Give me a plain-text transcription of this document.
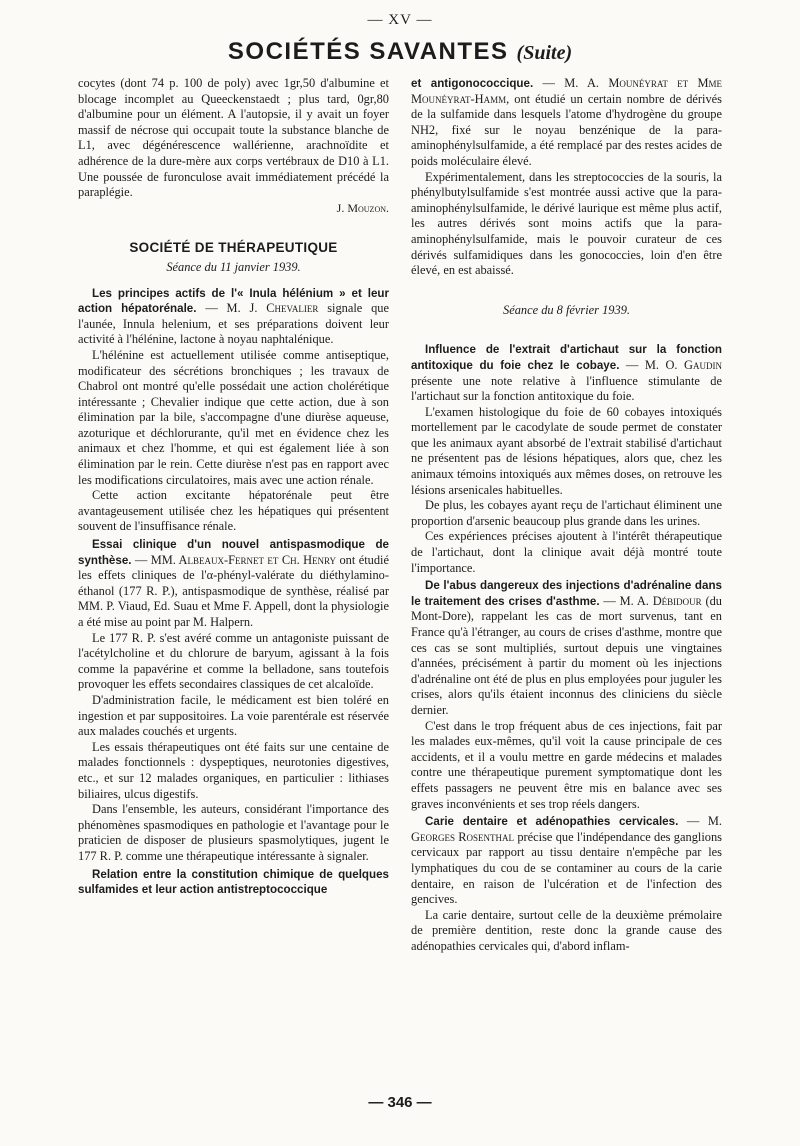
— XV —
SOCIÉTÉS SAVANTES (Suite)

cocytes (dont 74 p. 100 de poly) avec 1gr,50 d'albumine et blocage incomplet au Queeckenstaedt ; plus tard, 0gr,80 d'albumine pour un élément. A l'autopsie, il y avait un foyer massif de nécrose qui occupait toute la substance blanche de L1, avec dégénérescence wallérienne, arachnoïdite et adhérence de la dure-mère aux corps vertébraux de D10 à L1. Une poussée de furonculose avait immédiatement précédé la paraplégie.

J. Mouzon.

SOCIÉTÉ DE THÉRAPEUTIQUE
Séance du 11 janvier 1939.

Les principes actifs de l'« Inula hélénium » et leur action hépatorénale. — M. J. Chevalier signale que l'aunée, Innula helenium, et ses préparations doivent leur activité à l'hélénine, lactone à noyau naphtalénique.

L'hélénine est actuellement utilisée comme antiseptique, modificateur des sécrétions bronchiques ; les travaux de Chabrol ont montré qu'elle possédait une action cholérétique intéressante ; Chevalier indique que cette action, due à son élimination par la bile, s'accompagne d'une diurèse aqueuse, azoturique et déchlorurante, qu'il met en évidence chez les animaux et chez l'homme, et qui est également liée à son élimination par le rein. Cette diurèse n'est pas en rapport avec les modifications circulatoires, mais avec une action rénale.

Cette action excitante hépatorénale peut être avantageusement utilisée chez les hépatiques qui présentent souvent de l'insuffisance rénale.

Essai clinique d'un nouvel antispasmodique de synthèse. — MM. Albeaux-Fernet et Ch. Henry ont étudié les effets cliniques de l'α-phényl-valérate du diéthylamino-éthanol (177 R. P.), antispasmodique de synthèse, réalisé par MM. P. Viaud, Ed. Suau et Mme F. Appell, dont la physiologie a été mise au point par M. Halpern.

Le 177 R. P. s'est avéré comme un antagoniste puissant de l'acétylcholine et du chlorure de baryum, agissant à la fois comme la papavérine et comme la belladone, sans toutefois provoquer les effets secondaires classiques de cet alcaloïde.

D'administration facile, le médicament est bien toléré en ingestion et par suppositoires. La voie parentérale est réservée aux malades couchés et urgents.

Les essais thérapeutiques ont été faits sur une centaine de malades fonctionnels : dyspeptiques, neurotonies digestives, etc., et sur 12 malades organiques, en particulier : lithiases biliaires, ulcus digestifs.

Dans l'ensemble, les auteurs, considérant l'importance des phénomènes spasmodiques en pathologie et l'avantage pour le praticien de disposer de plusieurs spasmolytiques, jugent le 177 R. P. comme une thérapeutique intéressante à signaler.

Relation entre la constitution chimique de quelques sulfamides et leur action antistreptococcique

et antigonococcique. — M. A. Mounéyrat et Mme Mounéyrat-Hamm, ont étudié un certain nombre de dérivés de la sulfamide dans lesquels l'atome d'hydrogène du groupe NH2, fixé sur le noyau benzénique de la para-aminophénylsulfamide, a été remplacé par des restes acides de poids moléculaire élevé.

Expérimentalement, dans les streptococcies de la souris, la phénylbutylsulfamide s'est montrée aussi active que la para-aminophénylsulfamide, le dérivé laurique est même plus actif, les autres dérivés sont moins actifs que la para-aminophénylsulfamide, mais le pouvoir curateur de ces dérivés sulfamidiques dans les gonococcies, loin d'en être élevé, en est abaissé.

Séance du 8 février 1939.

Influence de l'extrait d'artichaut sur la fonction antitoxique du foie chez le cobaye. — M. O. Gaudin présente une note relative à l'influence stimulante de l'artichaut sur la fonction antitoxique du foie.

L'examen histologique du foie de 60 cobayes intoxiqués mortellement par le cacodylate de soude permet de constater que les animaux ayant absorbé de l'extrait stabilisé d'artichaut ne présentent pas de lésions hépatiques, alors que, chez les animaux témoins intoxiqués aux mêmes doses, on retrouve les lésions arsenicales habituelles.

De plus, les cobayes ayant reçu de l'artichaut éliminent une proportion d'arsenic beaucoup plus grande dans les urines.

Ces expériences précises ajoutent à l'intérêt thérapeutique de l'artichaut, dont la clinique avait déjà montré toute l'importance.

De l'abus dangereux des injections d'adrénaline dans le traitement des crises d'asthme. — M. A. Débidour (du Mont-Dore), rappelant les cas de mort survenus, tant en France qu'à l'étranger, au cours de crises d'asthme, montre que ces cas se sont multipliés, surtout depuis une vingtaines d'années, précisément à partir du moment où les injections d'adrénaline ont été de plus en plus employées pour juguler les crises, alors qu'ils étaient inconnus des cliniciens du siècle dernier.

C'est dans le trop fréquent abus de ces injections, fait par les malades eux-mêmes, qu'il voit la cause principale de ces accidents, et il a voulu mettre en garde médecins et malades contre une thérapeutique purement symptomatique dont les effets passagers ne peuvent être mis en balance avec ses graves inconvénients et ses trop réels dangers.

Carie dentaire et adénopathies cervicales. — M. Georges Rosenthal précise que l'indépendance des ganglions cervicaux par rapport au tissu dentaire n'empêche par les lymphatiques du cou de se contaminer au cours de la carie dentaire, en raison de l'ulcération et de l'infection des gencives.

La carie dentaire, surtout celle de la deuxième prémolaire de première dentition, reste donc la grande cause des adénopathies cervicales qui, d'abord inflam-

— 346 —
